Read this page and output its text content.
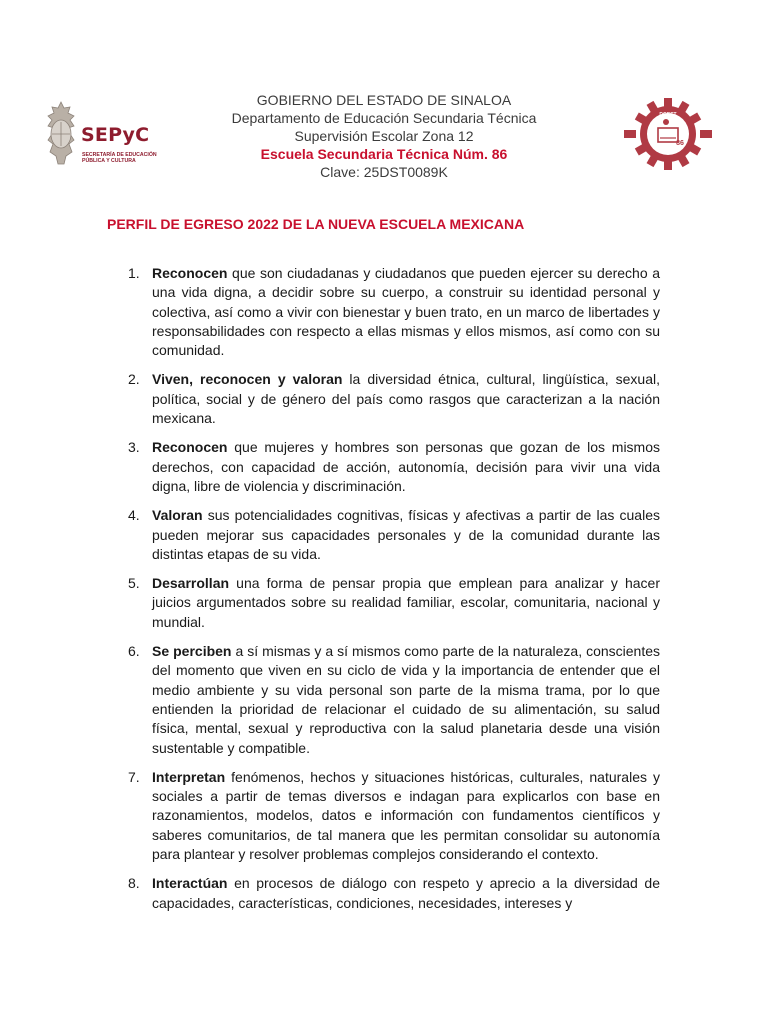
SEPyC
SECRETARÍA DE EDUCACIÓN PÚBLICA Y CULTURA
DGEST
86
GOBIERNO DEL ESTADO DE SINALOA
Departamento de Educación Secundaria Técnica
Supervisión Escolar Zona 12
Escuela Secundaria Técnica Núm. 86
Clave: 25DST0089K
PERFIL DE EGRESO 2022 DE LA NUEVA ESCUELA MEXICANA
1. Reconocen que son ciudadanas y ciudadanos que pueden ejercer su derecho a una vida digna, a decidir sobre su cuerpo, a construir su identidad personal y colectiva, así como a vivir con bienestar y buen trato, en un marco de libertades y responsabilidades con respecto a ellas mismas y ellos mismos, así como con su comunidad.
2. Viven, reconocen y valoran la diversidad étnica, cultural, lingüística, sexual, política, social y de género del país como rasgos que caracterizan a la nación mexicana.
3. Reconocen que mujeres y hombres son personas que gozan de los mismos derechos, con capacidad de acción, autonomía, decisión para vivir una vida digna, libre de violencia y discriminación.
4. Valoran sus potencialidades cognitivas, físicas y afectivas a partir de las cuales pueden mejorar sus capacidades personales y de la comunidad durante las distintas etapas de su vida.
5. Desarrollan una forma de pensar propia que emplean para analizar y hacer juicios argumentados sobre su realidad familiar, escolar, comunitaria, nacional y mundial.
6. Se perciben a sí mismas y a sí mismos como parte de la naturaleza, conscientes del momento que viven en su ciclo de vida y la importancia de entender que el medio ambiente y su vida personal son parte de la misma trama, por lo que entienden la prioridad de relacionar el cuidado de su alimentación, su salud física, mental, sexual y reproductiva con la salud planetaria desde una visión sustentable y compatible.
7. Interpretan fenómenos, hechos y situaciones históricas, culturales, naturales y sociales a partir de temas diversos e indagan para explicarlos con base en razonamientos, modelos, datos e información con fundamentos científicos y saberes comunitarios, de tal manera que les permitan consolidar su autonomía para plantear y resolver problemas complejos considerando el contexto.
8. Interactúan en procesos de diálogo con respeto y aprecio a la diversidad de capacidades, características, condiciones, necesidades, intereses y
